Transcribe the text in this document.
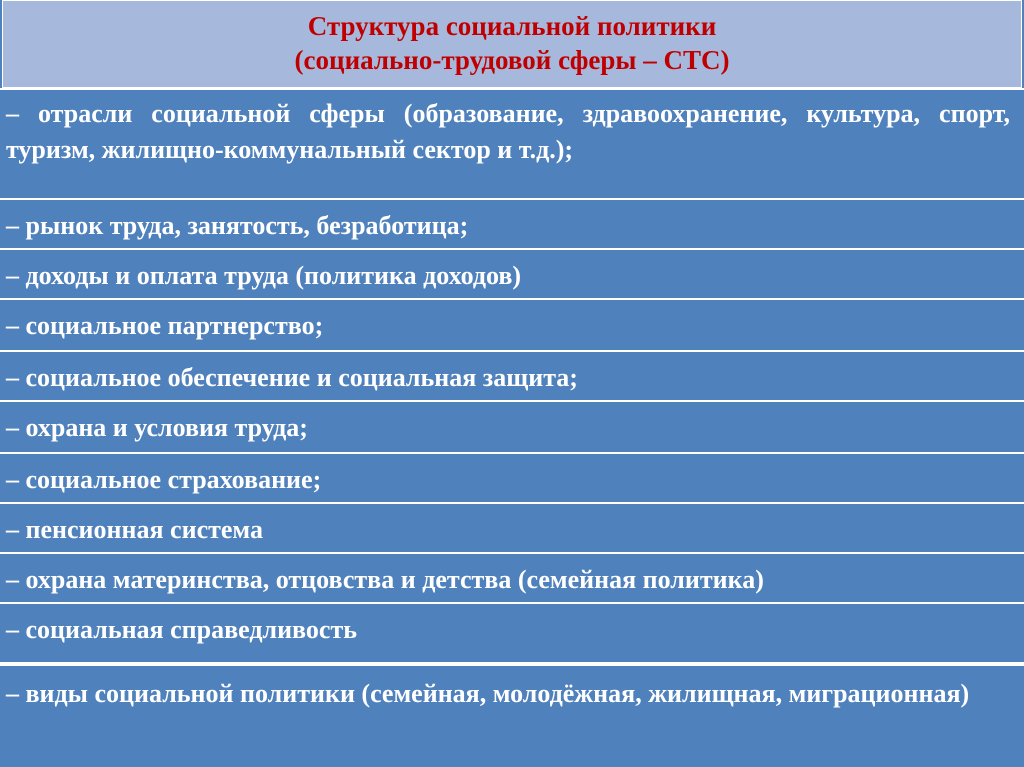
Структура социальной политики
(социально-трудовой сферы – СТС)
– отрасли социальной сферы (образование, здравоохранение, культура, спорт, туризм, жилищно-коммунальный сектор и т.д.);
– рынок труда, занятость, безработица;
– доходы и оплата труда (политика доходов)
– социальное партнерство;
– социальное обеспечение и социальная защита;
– охрана и условия труда;
– социальное страхование;
– пенсионная система
– охрана материнства, отцовства и детства (семейная политика)
– социальная справедливость
– виды социальной политики (семейная, молодёжная, жилищная, миграционная)
